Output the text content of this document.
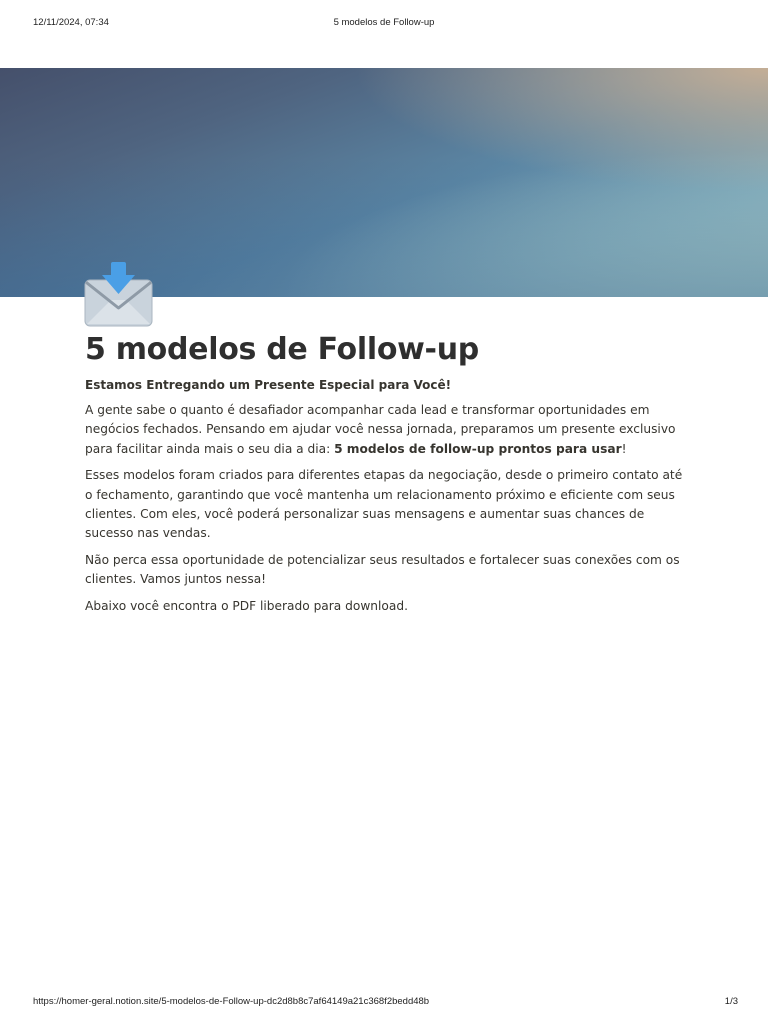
12/11/2024, 07:34	5 modelos de Follow-up
5 modelos de Follow-up

Estamos Entregando um Presente Especial para Você!

A gente sabe o quanto é desafiador acompanhar cada lead e transformar oportunidades em negócios fechados. Pensando em ajudar você nessa jornada, preparamos um presente exclusivo para facilitar ainda mais o seu dia a dia: 5 modelos de follow-up prontos para usar!

Esses modelos foram criados para diferentes etapas da negociação, desde o primeiro contato até o fechamento, garantindo que você mantenha um relacionamento próximo e eficiente com seus clientes. Com eles, você poderá personalizar suas mensagens e aumentar suas chances de sucesso nas vendas.

Não perca essa oportunidade de potencializar seus resultados e fortalecer suas conexões com os clientes. Vamos juntos nessa!

Abaixo você encontra o PDF liberado para download.

https://homer-geral.notion.site/5-modelos-de-Follow-up-dc2d8b8c7af64149a21c368f2bedd48b	1/3
